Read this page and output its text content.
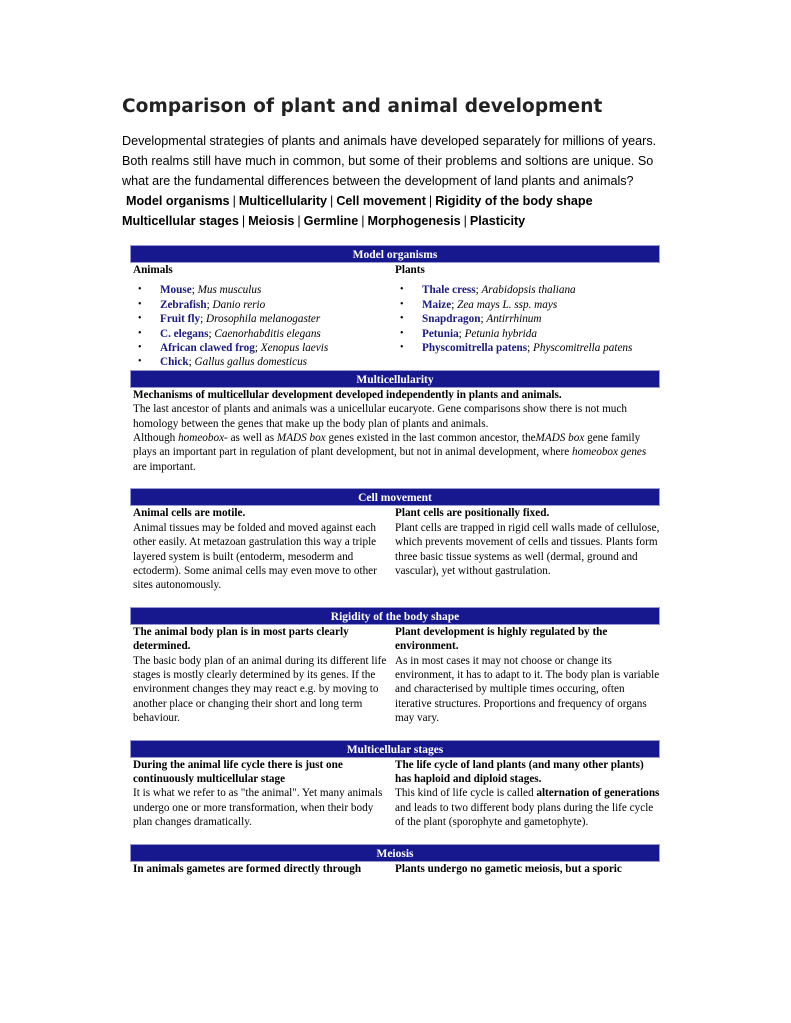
Comparison of plant and animal development

Developmental strategies of plants and animals have developed separately for millions of years. Both realms still have much in common, but some of their problems and soltions are unique. So what are the fundamental differences between the development of land plants and animals?

Model organisms | Multicellularity | Cell movement | Rigidity of the body shape
Multicellular stages | Meiosis | Germline | Morphogenesis | Plasticity
Model organisms
Animals
• Mouse; Mus musculus
• Zebrafish; Danio rerio
• Fruit fly; Drosophila melanogaster
• C. elegans; Caenorhabditis elegans
• African clawed frog; Xenopus laevis
• Chick; Gallus gallus domesticus
Plants
• Thale cress; Arabidopsis thaliana
• Maize; Zea mays L. ssp. mays
• Snapdragon; Antirrhinum
• Petunia; Petunia hybrida
• Physcomitrella patens; Physcomitrella patens
Multicellularity
Mechanisms of multicellular development developed independently in plants and animals.
The last ancestor of plants and animals was a unicellular eucaryote. Gene comparisons show there is not much homology between the genes that make up the body plan of plants and animals.
Although homeobox- as well as MADS box genes existed in the last common ancestor, theMADS box gene family plays an important part in regulation of plant development, but not in animal development, where homeobox genes are important.
Cell movement
Animal cells are motile.
Animal tissues may be folded and moved against each other easily. At metazoan gastrulation this way a triple layered system is built (entoderm, mesoderm and ectoderm). Some animal cells may even move to other sites autonomously.
Plant cells are positionally fixed.
Plant cells are trapped in rigid cell walls made of cellulose, which prevents movement of cells and tissues. Plants form three basic tissue systems as well (dermal, ground and vascular), yet without gastrulation.
Rigidity of the body shape
The animal body plan is in most parts clearly determined.
The basic body plan of an animal during its different life stages is mostly clearly determined by its genes. If the environment changes they may react e.g. by moving to another place or changing their short and long term behaviour.
Plant development is highly regulated by the environment.
As in most cases it may not choose or change its environment, it has to adapt to it. The body plan is variable and characterised by multiple times occuring, often iterative structures. Proportions and frequency of organs may vary.
Multicellular stages
During the animal life cycle there is just one continuously multicellular stage
It is what we refer to as "the animal". Yet many animals undergo one or more transformation, when their body plan changes dramatically.
The life cycle of land plants (and many other plants) has haploid and diploid stages.
This kind of life cycle is called alternation of generations and leads to two different body plans during the life cycle of the plant (sporophyte and gametophyte).
Meiosis
In animals gametes are formed directly through	Plants undergo no gametic meiosis, but a sporic
